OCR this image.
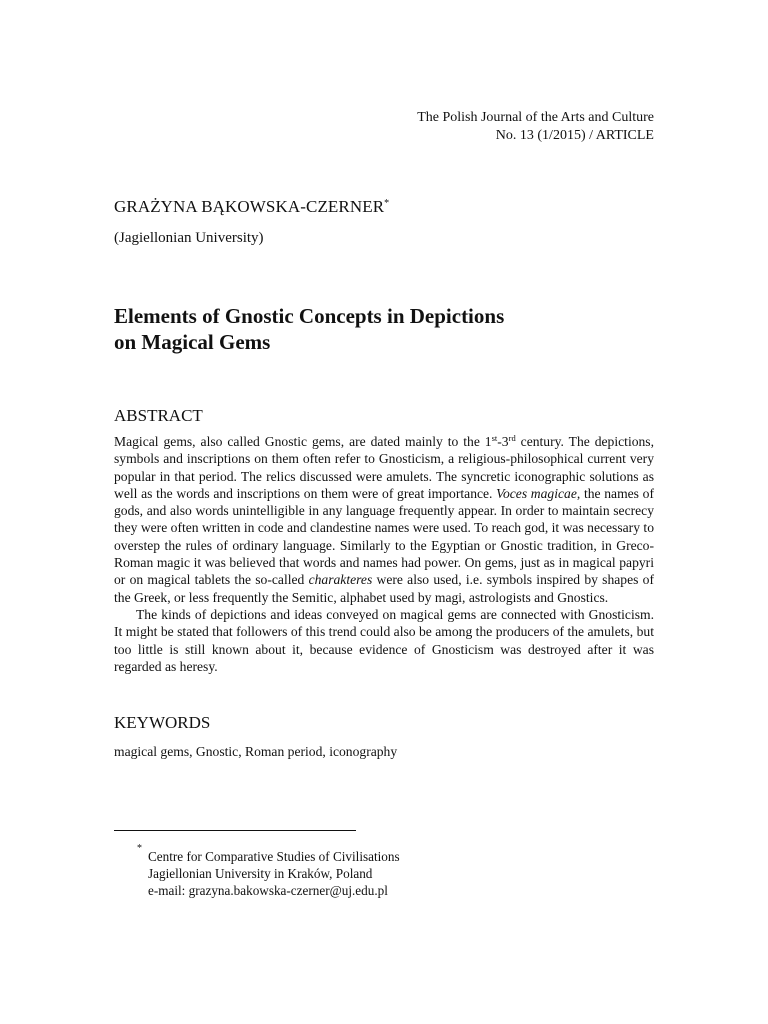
The Polish Journal of the Arts and Culture
No. 13 (1/2015) / ARTICLE
GRAŻYNA BĄKOWSKA-CZERNER*
(Jagiellonian University)
Elements of Gnostic Concepts in Depictions
on Magical Gems
ABSTRACT

Magical gems, also called Gnostic gems, are dated mainly to the 1st-3rd century. The depictions, symbols and inscriptions on them often refer to Gnosticism, a religious-philosophical current very popular in that period. The relics discussed were amulets. The syncretic iconographic solutions as well as the words and inscriptions on them were of great importance. Voces magicae, the names of gods, and also words unintelligible in any language frequently appear. In order to maintain secrecy they were often written in code and clandestine names were used. To reach god, it was necessary to overstep the rules of ordinary language. Similarly to the Egyptian or Gnostic tradition, in Greco-Roman magic it was believed that words and names had power. On gems, just as in magical papyri or on magical tablets the so-called charakteres were also used, i.e. symbols inspired by shapes of the Greek, or less frequently the Semitic, alphabet used by magi, astrologists and Gnostics.

The kinds of depictions and ideas conveyed on magical gems are connected with Gnosticism. It might be stated that followers of this trend could also be among the producers of the amulets, but too little is still known about it, because evidence of Gnosticism was destroyed after it was regarded as heresy.

KEYWORDS
magical gems, Gnostic, Roman period, iconography
*
Centre for Comparative Studies of Civilisations
Jagiellonian University in Kraków, Poland
e-mail: grazyna.bakowska-czerner@uj.edu.pl
